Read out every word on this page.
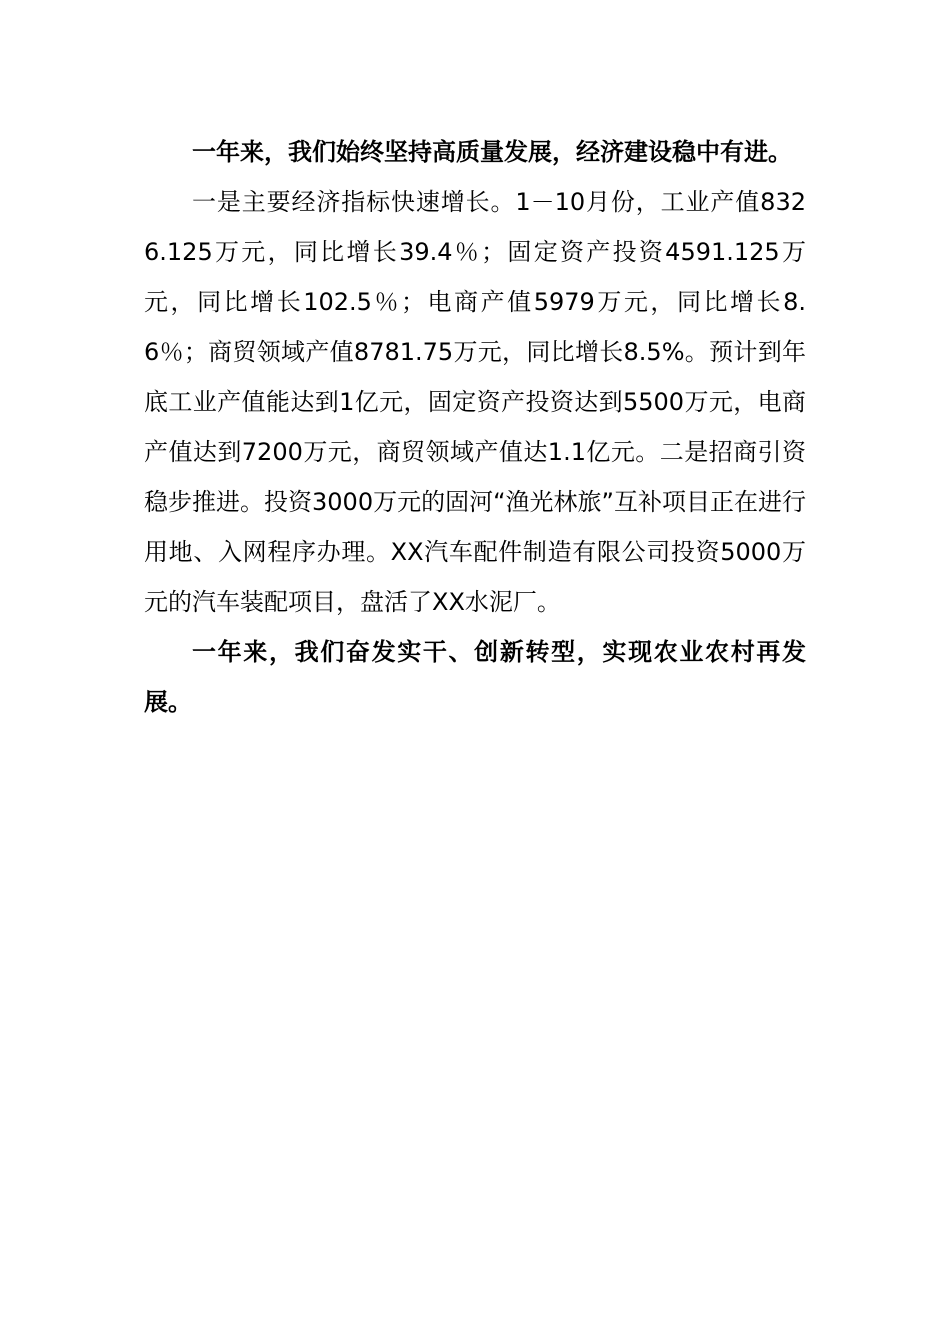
一年来，我们始终坚持高质量发展，经济建设稳中有进。

一是主要经济指标快速增长。1－10月份，工业产值8326.125万元，同比增长39.4％；固定资产投资4591.125万元，同比增长102.5％；电商产值5979万元，同比增长8.6％；商贸领域产值8781.75万元，同比增长8.5%。预计到年底工业产值能达到1亿元，固定资产投资达到5500万元，电商产值达到7200万元，商贸领域产值达1.1亿元。二是招商引资稳步推进。投资3000万元的固河“渔光林旅”互补项目正在进行用地、入网程序办理。XX汽车配件制造有限公司投资5000万元的汽车装配项目，盘活了XX水泥厂。

一年来，我们奋发实干、创新转型，实现农业农村再发展。
